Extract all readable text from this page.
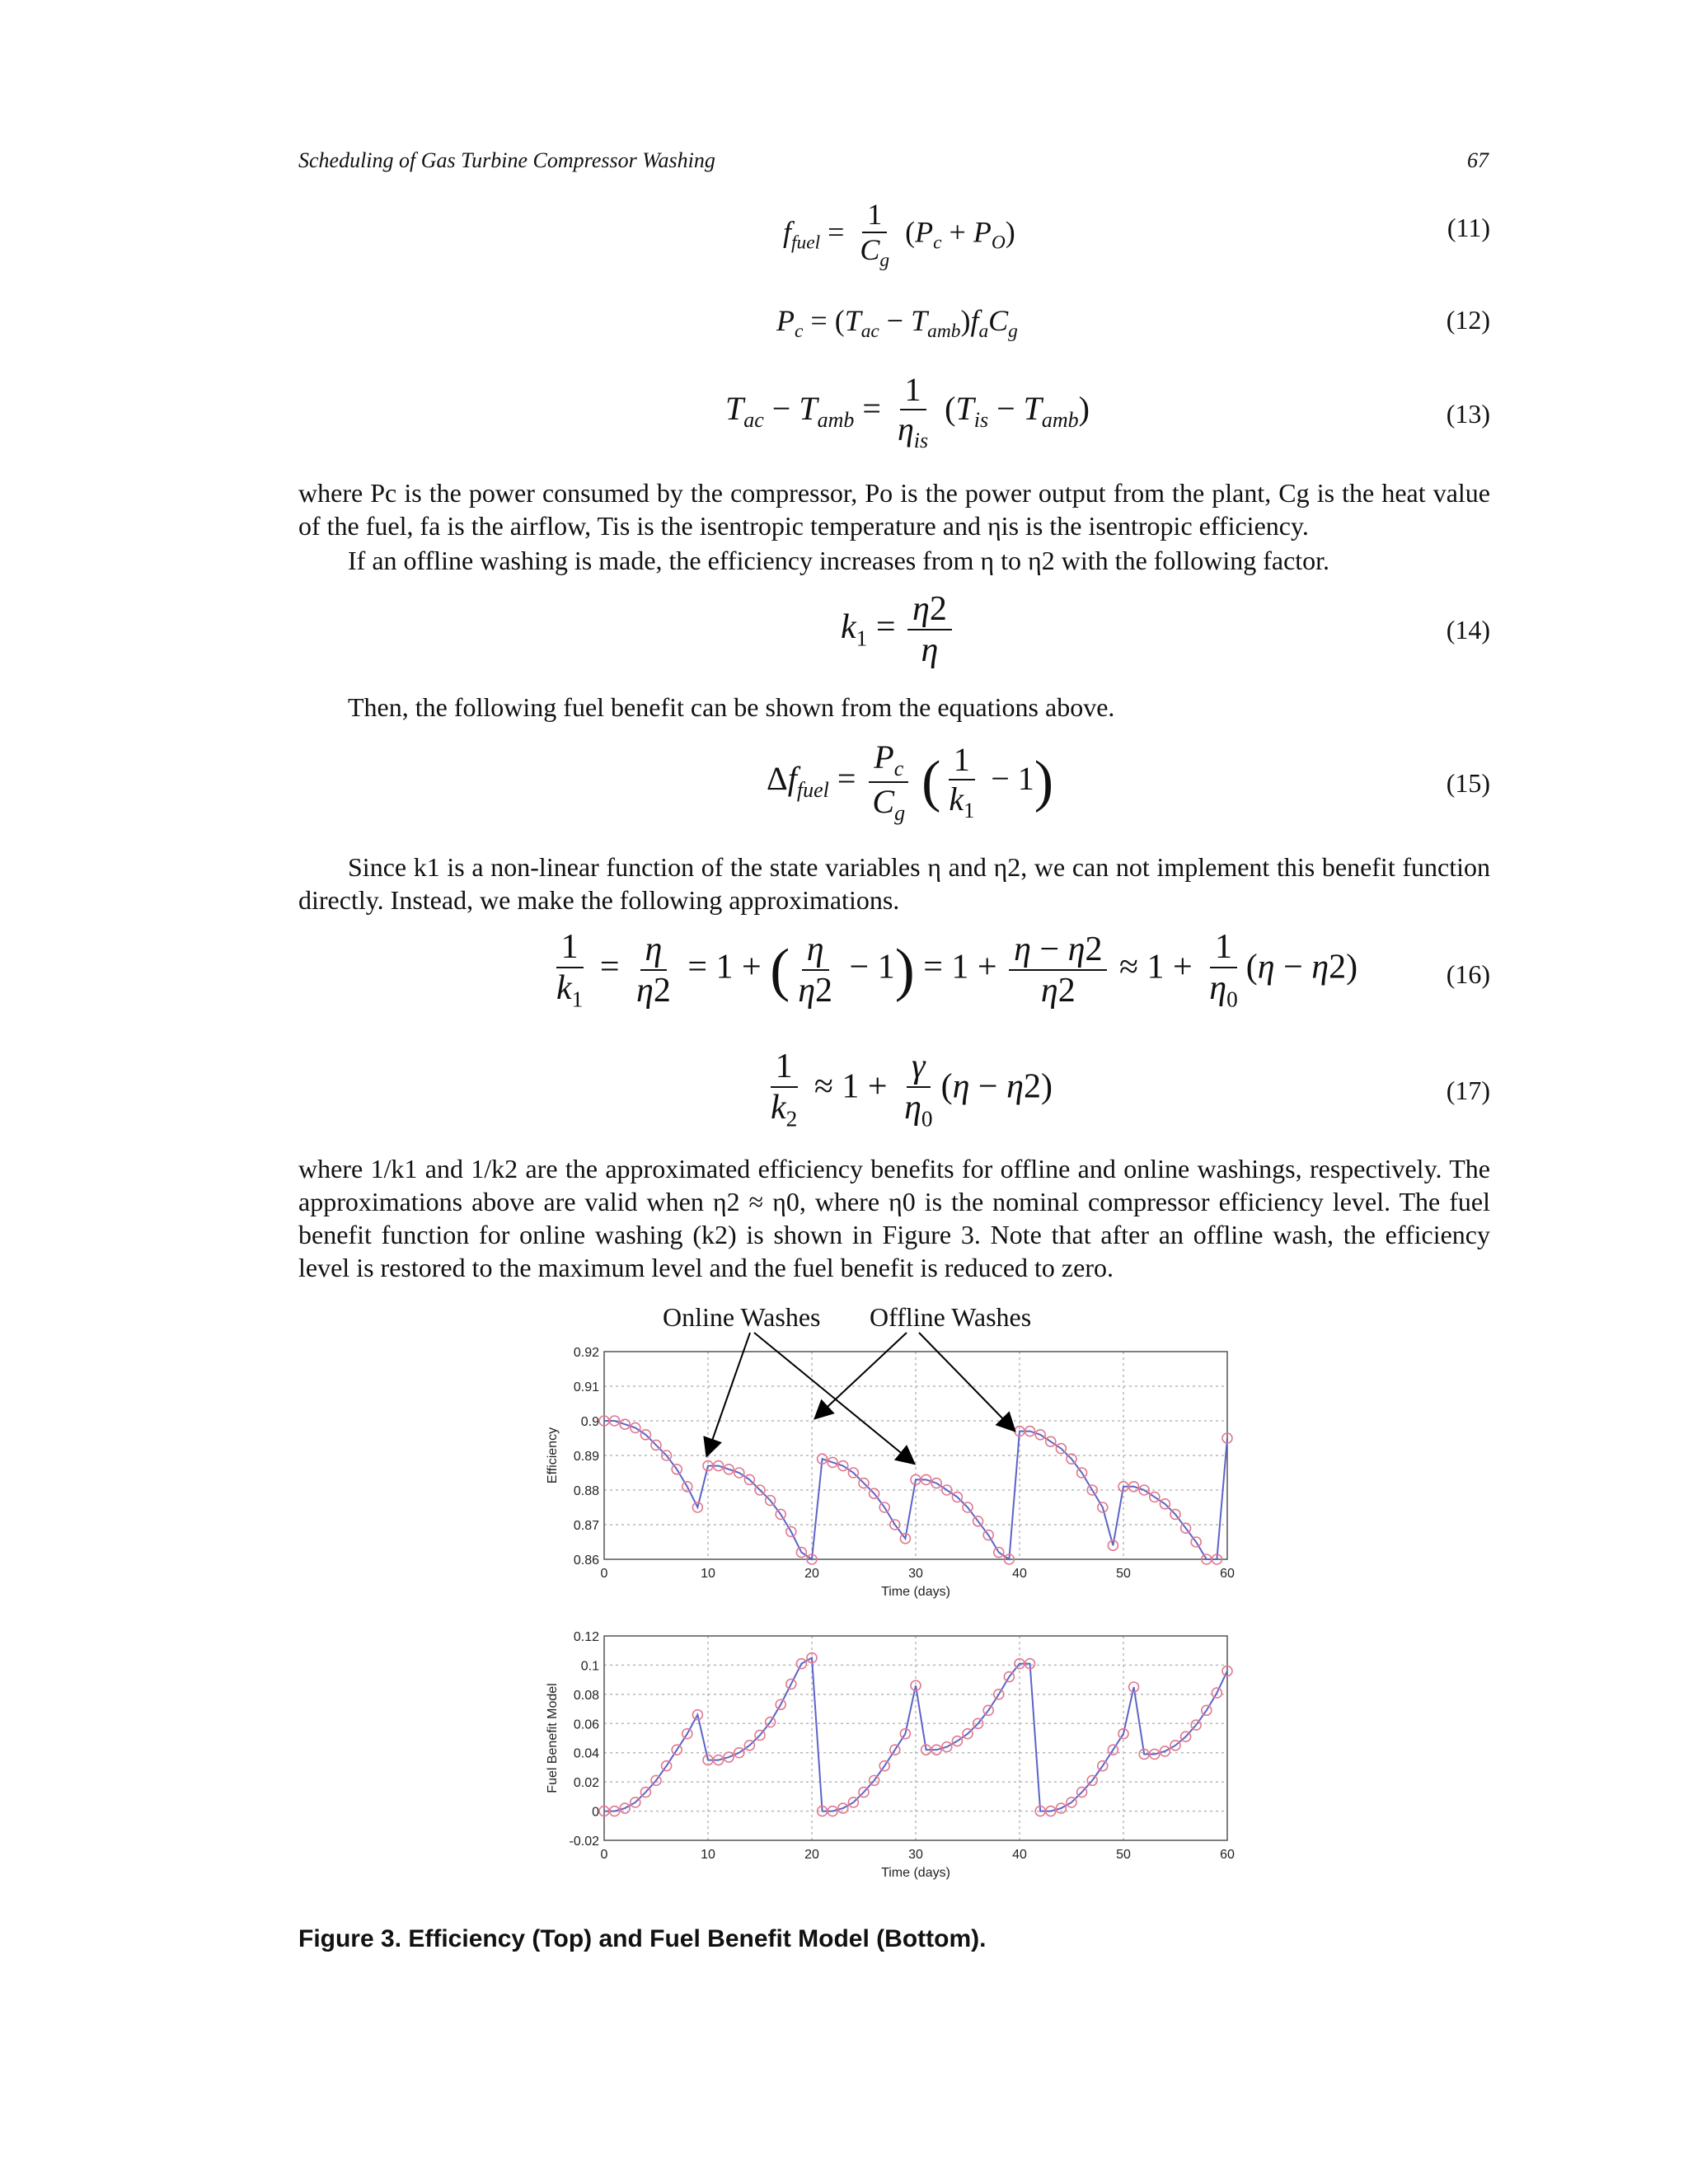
Scheduling of Gas Turbine Compressor Washing	67
$f_{fuel} = \frac{1}{C_g} (P_c + P_O)$	(11)
$P_c = (T_{ac} - T_{amb})f_aC_g$	(12)
$T_{ac} - T_{amb} = \frac{1}{\eta_{is}} (T_{is} - T_{amb})$	(13)
where Pc is the power consumed by the compressor, Po is the power output from the plant, Cg is the heat value of the fuel, fa is the airflow, Tis is the isentropic temperature and ηis is the isentropic efficiency.
If an offline washing is made, the efficiency increases from η to η2 with the following factor.
$k_1 = \frac{\eta 2}{\eta}$	(14)
Then, the following fuel benefit can be shown from the equations above.
$\Delta f_{fuel} = \frac{P_c}{C_g}$ ( $\frac{1}{k_1} - 1$)	(15)
Since k1 is a non-linear function of the state variables η and η2, we can not implement this benefit function directly. Instead, we make the following approximations.
$\frac{1}{k_1} = \frac{\eta}{\eta 2} = 1$ + ( $\frac{\eta}{\eta 2} - 1) = 1 + \frac{\eta - \eta 2}{\eta 2} \approx 1 + \frac{1}{\eta_0} (\eta - \eta 2)$	(16)
$\frac{1}{k_2} \approx 1 + \frac{\gamma}{\eta_0} (\eta - \eta 2)$	(17)
where 1/k1 and 1/k2 are the approximated efficiency benefits for offline and online washings, respectively. The approximations above are valid when η2 ≈ η0, where η0 is the nominal compressor efficiency level. The fuel benefit function for online washing (k2) is shown in Figure 3. Note that after an offline wash, the efficiency level is restored to the maximum level and the fuel benefit is reduced to zero.
Online Washes Offline Washes
0	10	20	30	40	50	60
0.86
0.87
0.88
0.89
0.9
0.91
0.92
Time (days)
Efficiency
0	10	20	30	40	50	60
-0.02
0
0.02
0.04
0.06
0.08
0.1
0.12
Time (days)
Fuel Benefit Model
Figure 3. Efficiency (Top) and Fuel Benefit Model (Bottom).
